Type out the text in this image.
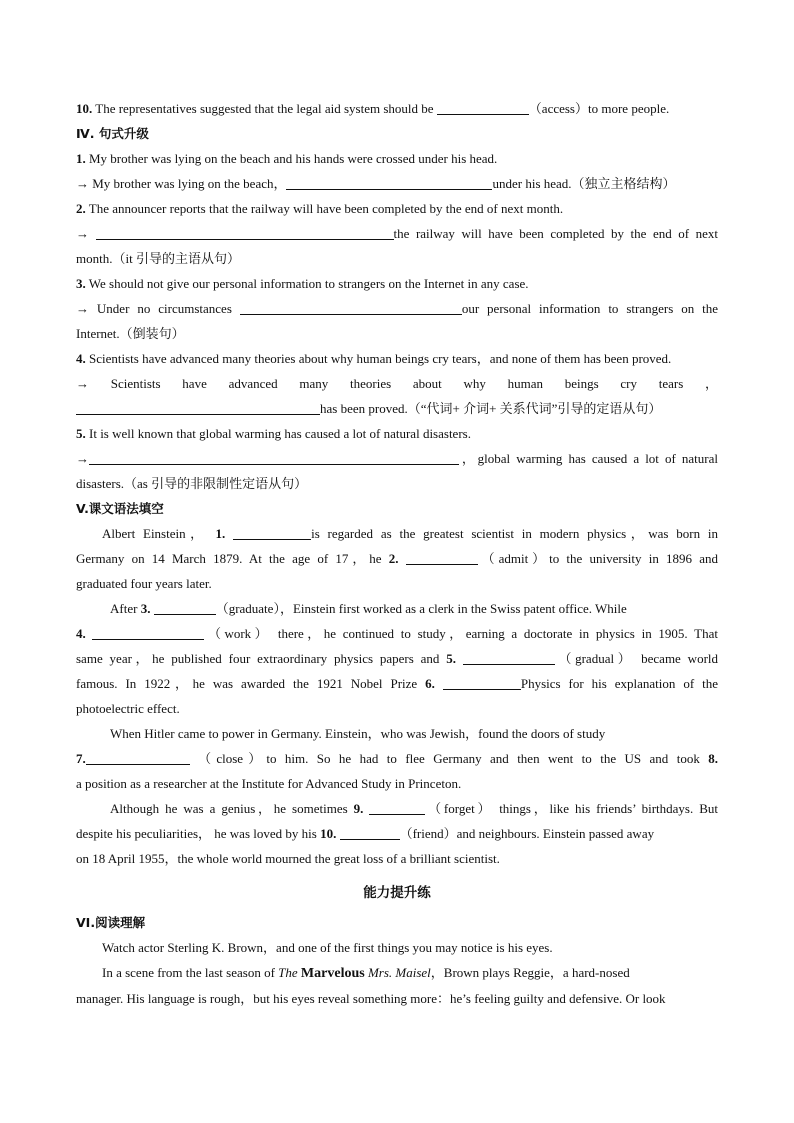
10. The representatives suggested that the legal aid system should be	（access）to more people.
Ⅳ. 句式升级
1. My brother was lying on the beach and his hands were crossed under his head.
→ My brother was lying on the beach，	under his head.（独立主格结构）
2. The announcer reports that the railway will have been completed by the end of next month.
→	the railway will have been completed by the end of next
month.（it 引导的主语从句）
3. We should not give our personal information to strangers on the Internet in any case.
→ Under no circumstances	our personal information to strangers on the
Internet.（倒装句）
4. Scientists have advanced many theories about why human beings cry tears，and none of them has been proved.
→ Scientists have advanced many theories about why human beings cry tears ，
has been proved.（“代词+ 介词+ 关系代词”引导的定语从句）
5. It is well known that global warming has caused a lot of natural disasters.
→	，global warming has caused a lot of natural
disasters.（as 引导的非限制性定语从句）
V.课文语法填空
Albert Einstein， 1.	is regarded as the greatest scientist in modern physics，was born in
Germany on 14 March 1879. At the age of 17，he 2.	（admit）to the university in 1896 and
graduated four years later.
After 3.	（graduate），Einstein first worked as a clerk in the Swiss patent office. While
4.	（work） there，he continued to study，earning a doctorate in physics in 1905. That
same year，he published four extraordinary physics papers and 5.	（gradual） became world
famous. In 1922，he was awarded the 1921 Nobel Prize 6.	Physics for his explanation of the
photoelectric effect.
When Hitler came to power in Germany. Einstein，who was Jewish，found the doors of study
7.	（close）to him. So he had to flee Germany and then went to the US and took 8.
a position as a researcher at the Institute for Advanced Study in Princeton.
Although he was a genius，he sometimes 9.	（forget） things，like his friends’ birthdays. But
despite his peculiarities， he was loved by his 10.	（friend）and neighbours. Einstein passed away
on 18 April 1955，the whole world mourned the great loss of a brilliant scientist.
能力提升练
VI.阅读理解
Watch actor Sterling K. Brown，and one of the first things you may notice is his eyes.
In a scene from the last season of The Marvelous Mrs. Maisel，Brown plays Reggie，a hard-nosed
manager. His language is rough，but his eyes reveal something more：he’s feeling guilty and defensive. Or look
